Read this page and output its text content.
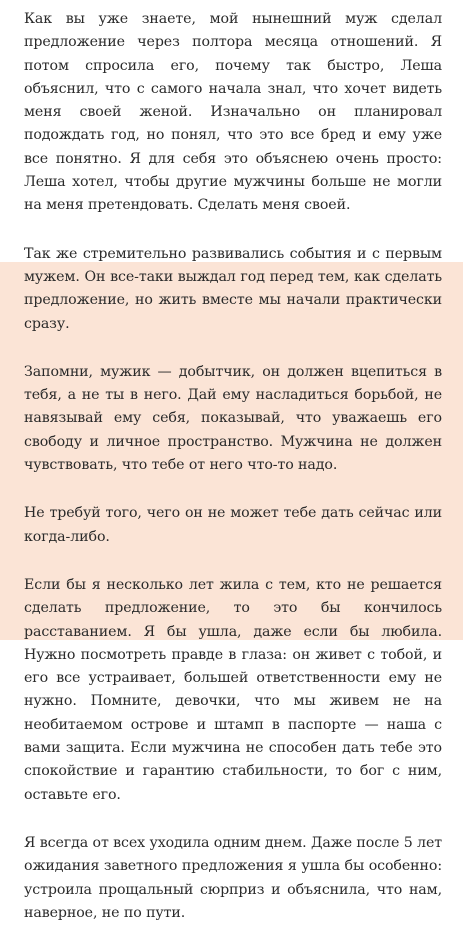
Как вы уже знаете, мой нынешний муж сделал предложение через полтора месяца отношений. Я потом спросила его, почему так быстро, Леша объяснил, что с самого начала знал, что хочет видеть меня своей женой. Изначально он планировал подождать год, но понял, что это все бред и ему уже все понятно. Я для себя это объяснею очень просто: Леша хотел, чтобы другие мужчины больше не могли на меня претендовать. Сделать меня своей.

Так же стремительно развивались события и с первым мужем. Он все-таки выждал год перед тем, как сделать предложение, но жить вместе мы начали практически сразу.

Запомни, мужик — добытчик, он должен вцепиться в тебя, а не ты в него. Дай ему насладиться борьбой, не навязывай ему себя, показывай, что уважаешь его свободу и личное пространство. Мужчина не должен чувствовать, что тебе от него что-то надо.

Не требуй того, чего он не может тебе дать сейчас или когда-либо.

Если бы я несколько лет жила с тем, кто не решается сделать предложение, то это бы кончилось расставанием. Я бы ушла, даже если бы любила. Нужно посмотреть правде в глаза: он живет с тобой, и его все устраивает, большей ответственности ему не нужно. Помните, девочки, что мы живем не на необитаемом острове и штамп в паспорте — наша с вами защита. Если мужчина не способен дать тебе это спокойствие и гарантию стабильности, то бог с ним, оставьте его.

Я всегда от всех уходила одним днем. Даже после 5 лет ожидания заветного предложения я ушла бы особенно: устроила прощальный сюрприз и объяснила, что нам, наверное, не по пути.
